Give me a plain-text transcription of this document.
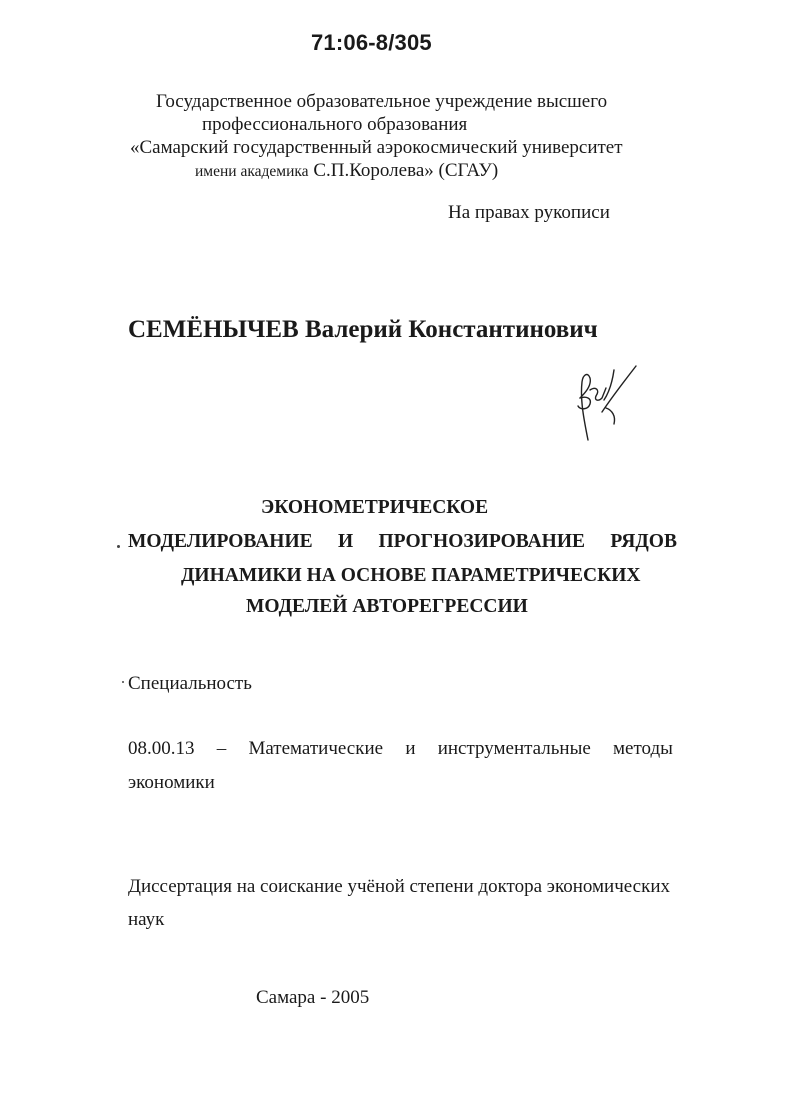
71:06-8/305
Государственное образовательное учреждение высшего
профессионального образования
«Самарский государственный аэрокосмический университет
имени академика С.П.Королева» (СГАУ)
На правах рукописи
СЕМЁНЫЧЕВ Валерий Константинович
ЭКОНОМЕТРИЧЕСКОЕ
МОДЕЛИРОВАНИЕ И ПРОГНОЗИРОВАНИЕ РЯДОВ
ДИНАМИКИ НА ОСНОВЕ ПАРАМЕТРИЧЕСКИХ
МОДЕЛЕЙ АВТОРЕГРЕССИИ
Специальность
08.00.13 – Математические и инструментальные методы
экономики
Диссертация на соискание учёной степени доктора экономических
наук
Самара - 2005
